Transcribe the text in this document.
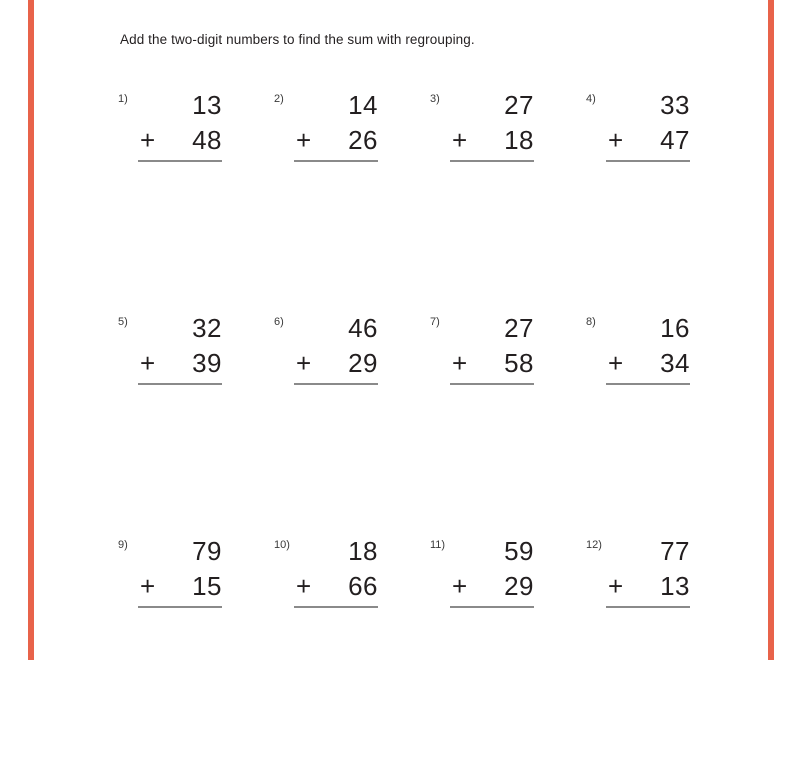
Add the two-digit numbers to find the sum with regrouping.
1)	13
+ 48
2)	14
+ 26
3)	27
+ 18
4)	33
+ 47
5)	32
+ 39
6)	46
+ 29
7)	27
+ 58
8)	16
+ 34
9)	79
+ 15
10)	18
+ 66
11)	59
+ 29
12)	77
+ 13
